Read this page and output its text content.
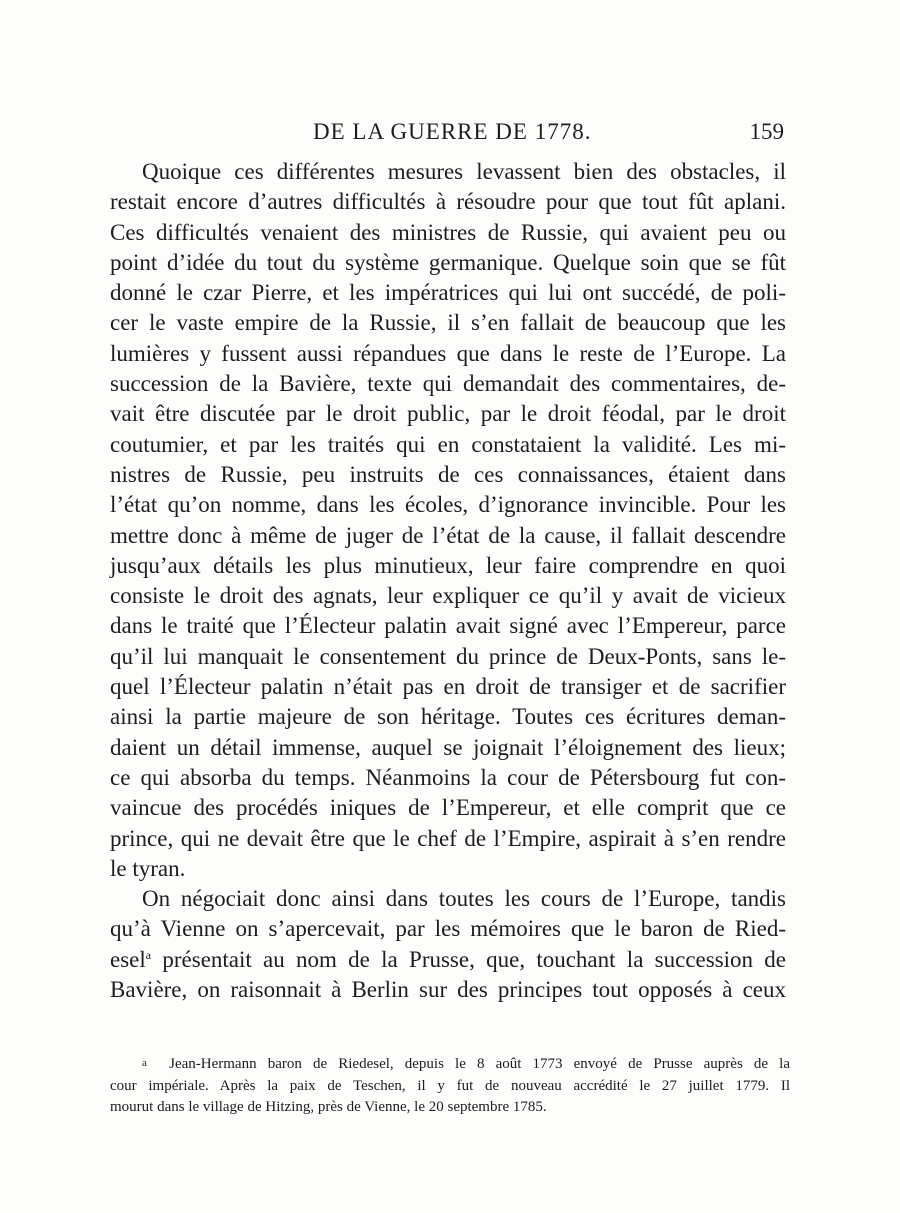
DE LA GUERRE DE 1778.	159
Quoique ces différentes mesures levassent bien des obstacles, il
restait encore d’autres difficultés à résoudre pour que tout fût aplani.
Ces difficultés venaient des ministres de Russie, qui avaient peu ou
point d’idée du tout du système germanique. Quelque soin que se fût
donné le czar Pierre, et les impératrices qui lui ont succédé, de poli-
cer le vaste empire de la Russie, il s’en fallait de beaucoup que les
lumières y fussent aussi répandues que dans le reste de l’Europe. La
succession de la Bavière, texte qui demandait des commentaires, de-
vait être discutée par le droit public, par le droit féodal, par le droit
coutumier, et par les traités qui en constataient la validité. Les mi-
nistres de Russie, peu instruits de ces connaissances, étaient dans
l’état qu’on nomme, dans les écoles, d’ignorance invincible. Pour les
mettre donc à même de juger de l’état de la cause, il fallait descendre
jusqu’aux détails les plus minutieux, leur faire comprendre en quoi
consiste le droit des agnats, leur expliquer ce qu’il y avait de vicieux
dans le traité que l’Électeur palatin avait signé avec l’Empereur, parce
qu’il lui manquait le consentement du prince de Deux-Ponts, sans le-
quel l’Électeur palatin n’était pas en droit de transiger et de sacrifier
ainsi la partie majeure de son héritage. Toutes ces écritures deman-
daient un détail immense, auquel se joignait l’éloignement des lieux;
ce qui absorba du temps. Néanmoins la cour de Pétersbourg fut con-
vaincue des procédés iniques de l’Empereur, et elle comprit que ce
prince, qui ne devait être que le chef de l’Empire, aspirait à s’en rendre
le tyran.
On négociait donc ainsi dans toutes les cours de l’Europe, tandis
qu’à Vienne on s’apercevait, par les mémoires que le baron de Ried-
esel$^a$ présentait au nom de la Prusse, que, touchant la succession de
Bavière, on raisonnait à Berlin sur des principes tout opposés à ceux
a Jean-Hermann baron de Riedesel, depuis le 8 août 1773 envoyé de Prusse auprès de la
cour impériale. Après la paix de Teschen, il y fut de nouveau accrédité le 27 juillet 1779. Il
mourut dans le village de Hitzing, près de Vienne, le 20 septembre 1785.
